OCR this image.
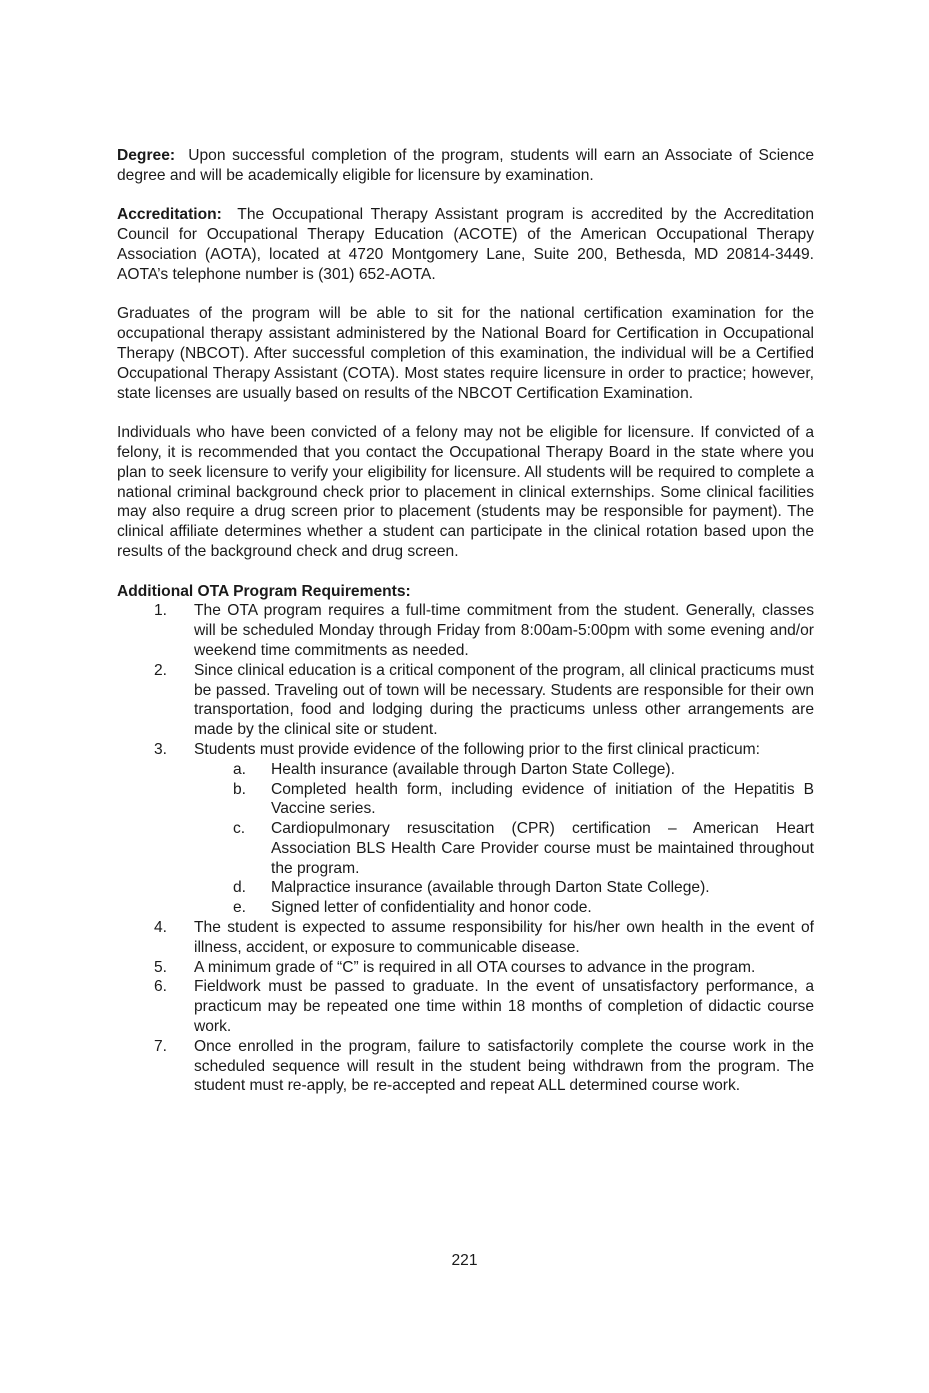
Degree: Upon successful completion of the program, students will earn an Associate of Science degree and will be academically eligible for licensure by examination.

Accreditation: The Occupational Therapy Assistant program is accredited by the Accreditation Council for Occupational Therapy Education (ACOTE) of the American Occupational Therapy Association (AOTA), located at 4720 Montgomery Lane, Suite 200, Bethesda, MD 20814-3449. AOTA’s telephone number is (301) 652-AOTA.

Graduates of the program will be able to sit for the national certification examination for the occupational therapy assistant administered by the National Board for Certification in Occupational Therapy (NBCOT). After successful completion of this examination, the individual will be a Certified Occupational Therapy Assistant (COTA). Most states require licensure in order to practice; however, state licenses are usually based on results of the NBCOT Certification Examination.

Individuals who have been convicted of a felony may not be eligible for licensure. If convicted of a felony, it is recommended that you contact the Occupational Therapy Board in the state where you plan to seek licensure to verify your eligibility for licensure. All students will be required to complete a national criminal background check prior to placement in clinical externships. Some clinical facilities may also require a drug screen prior to placement (students may be responsible for payment). The clinical affiliate determines whether a student can participate in the clinical rotation based upon the results of the background check and drug screen.

Additional OTA Program Requirements:
1. The OTA program requires a full-time commitment from the student. Generally, classes will be scheduled Monday through Friday from 8:00am-5:00pm with some evening and/or weekend time commitments as needed.
2. Since clinical education is a critical component of the program, all clinical practicums must be passed. Traveling out of town will be necessary. Students are responsible for their own transportation, food and lodging during the practicums unless other arrangements are made by the clinical site or student.
3. Students must provide evidence of the following prior to the first clinical practicum:
a. Health insurance (available through Darton State College).
b. Completed health form, including evidence of initiation of the Hepatitis B Vaccine series.
c. Cardiopulmonary resuscitation (CPR) certification – American Heart Association BLS Health Care Provider course must be maintained throughout the program.
d. Malpractice insurance (available through Darton State College).
e. Signed letter of confidentiality and honor code.
4. The student is expected to assume responsibility for his/her own health in the event of illness, accident, or exposure to communicable disease.
5. A minimum grade of “C” is required in all OTA courses to advance in the program.
6. Fieldwork must be passed to graduate. In the event of unsatisfactory performance, a practicum may be repeated one time within 18 months of completion of didactic course work.
7. Once enrolled in the program, failure to satisfactorily complete the course work in the scheduled sequence will result in the student being withdrawn from the program. The student must re-apply, be re-accepted and repeat ALL determined course work.
221
